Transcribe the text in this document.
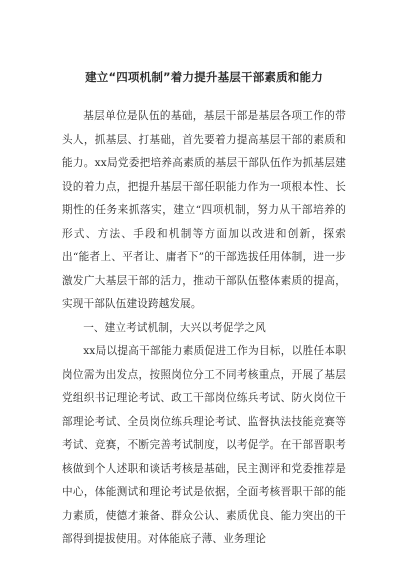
建立“四项机制”着力提升基层干部素质和能力

基层单位是队伍的基础，基层干部是基层各项工作的带头人，抓基层、打基础，首先要着力提高基层干部的素质和能力。xx局党委把培养高素质的基层干部队伍作为抓基层建设的着力点，把提升基层干部任职能力作为一项根本性、长期性的任务来抓落实，建立“四项机制，努力从干部培养的形式、方法、手段和机制等方面加以改进和创新，探索出“能者上、平者让、庸者下”的干部选拔任用体制，进一步激发广大基层干部的活力，推动干部队伍整体素质的提高，实现干部队伍建设跨越发展。

一、建立考试机制，大兴以考促学之风

xx局以提高干部能力素质促进工作为目标，以胜任本职岗位需为出发点，按照岗位分工不同考核重点，开展了基层党组织书记理论考试、政工干部岗位练兵考试、防火岗位干部理论考试、全员岗位练兵理论考试、监督执法技能竞赛等考试、竞赛，不断完善考试制度，以考促学。在干部晋职考核做到个人述职和谈话考核是基础，民主测评和党委推荐是中心，体能测试和理论考试是依据，全面考核晋职干部的能力素质，使德才兼备、群众公认、素质优良、能力突出的干部得到提拔使用。对体能底子薄、业务理论
